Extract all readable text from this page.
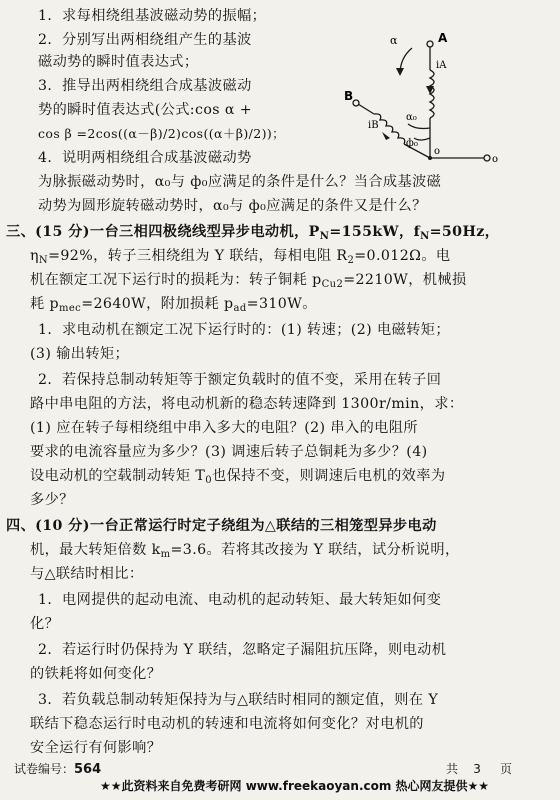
1．求每相绕组基波磁动势的振幅；
2．分别写出两相绕组产生的基波
磁动势的瞬时值表达式；
3．推导出两相绕组合成基波磁动
势的瞬时值表达式(公式:cos α +
cos β =2cos((α－β)/2)cos((α＋β)/2))；
4．说明两相绕组合成基波磁动势
为脉振磁动势时，α₀与 ф₀应满足的条件是什么？当合成基波磁
动势为圆形旋转磁动势时，α₀与 ф₀应满足的条件又是什么？
α	A
iA
B
iB
α₀
ф₀
o
o
三、(15 分)一台三相四极绕线型异步电动机，$P_N=155kW$，$f_N=50Hz$，
$\eta_N=92\%$，转子三相绕组为 Y 联结，每相电阻 $R_2=0.012\Omega$。电
机在额定工况下运行时的损耗为：转子铜耗 $p_{Cu2}=2210W$，机械损
耗 $p_{mec}=2640W$，附加损耗 $p_{ad}=310W$。
1．求电动机在额定工况下运行时的：(1) 转速；(2) 电磁转矩；
(3) 输出转矩；
2．若保持总制动转矩等于额定负载时的值不变，采用在转子回
路中串电阻的方法，将电动机新的稳态转速降到 1300r/min，求：
(1) 应在转子每相绕组中串入多大的电阻？(2) 串入的电阻所
要求的电流容量应为多少？(3) 调速后转子总铜耗为多少？(4)
设电动机的空载制动转矩 $T_0$也保持不变，则调速后电机的效率为
多少？
四、(10 分)一台正常运行时定子绕组为△联结的三相笼型异步电动
机，最大转矩倍数 $k_m=3.6$。若将其改接为 Y 联结，试分析说明，
与△联结时相比：
1．电网提供的起动电流、电动机的起动转矩、最大转矩如何变
化？
2．若运行时仍保持为 Y 联结，忽略定子漏阻抗压降，则电动机
的铁耗将如何变化？
3．若负载总制动转矩保持为与△联结时相同的额定值，则在 Y
联结下稳态运行时电动机的转速和电流将如何变化？对电机的
安全运行有何影响？
试卷编号：564	共 3 页
★★此资料来自免费考研网 www.freekaoyan.com 热心网友提供★★
